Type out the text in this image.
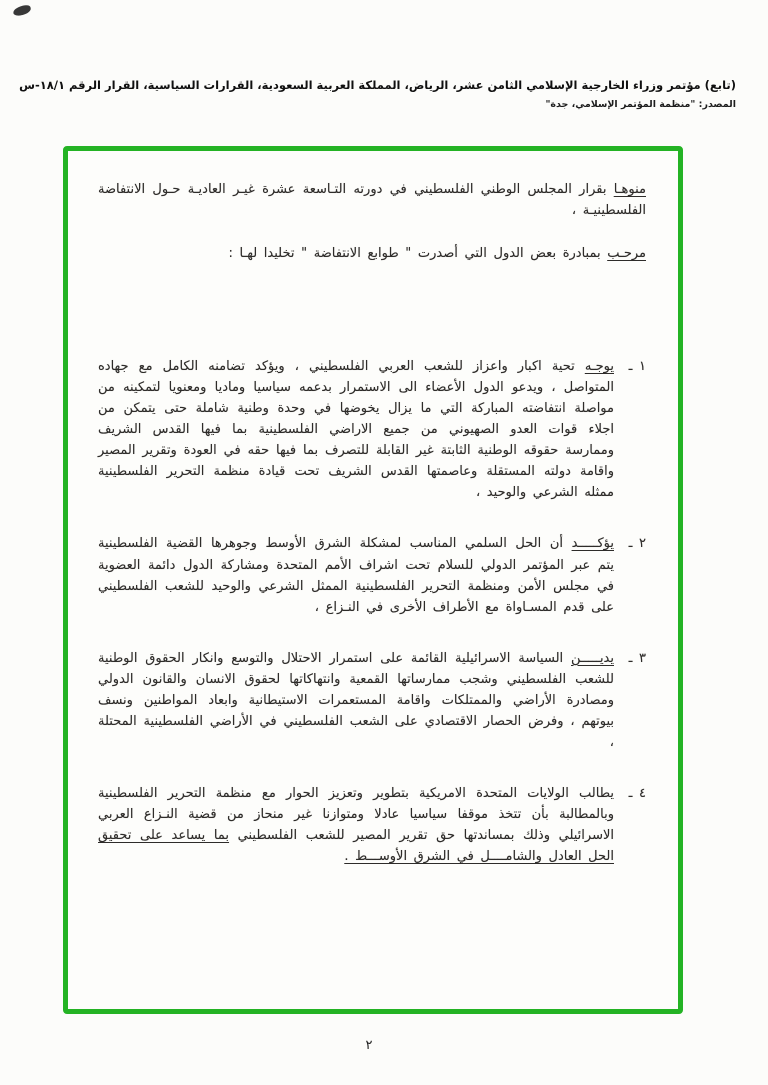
(تابع) مؤتمر وزراء الخارجية الإسلامي الثامن عشر، الرياض، المملكة العربية السعودية، القرارات السياسية، القرار الرقم ١٨/١-س
المصدر: "منظمة المؤتمر الإسلامي، جدة"

منوهـا بقرار المجلس الوطني الفلسطيني في دورته التـاسعة عشرة غيـر العاديـة حـول الانتفاضة الفلسطينيـة ،

مرحـب بمبادرة بعض الدول التي أصدرت " طوابع الانتفاضة " تخليدا لهـا :

١ ـ
يوجـه تحية اكبار واعزاز للشعب العربي الفلسطيني ، ويؤكد تضامنه الكامل مع جهاده المتواصل ، ويدعو الدول الأعضاء الى الاستمرار بدعمه سياسيا وماديا ومعنويا لتمكينه من مواصلة انتفاضته المباركة التي ما يزال يخوضها في وحدة وطنية شاملة حتى يتمكن من اجلاء قوات العدو الصهيوني من جميع الاراضي الفلسطينية بما فيها القدس الشريف وممارسة حقوقه الوطنية الثابتة غير القابلة للتصرف بما فيها حقه في العودة وتقرير المصير واقامة دولته المستقلة وعاصمتها القدس الشريف تحت قيادة منظمة التحرير الفلسطينية ممثله الشرعي والوحيد ،
٢ ـ
يؤكـــــد أن الحل السلمي المناسب لمشكلة الشرق الأوسط وجوهرها القضية الفلسطينية يتم عبر المؤتمر الدولي للسلام تحت اشراف الأمم المتحدة ومشاركة الدول دائمة العضوية في مجلس الأمن ومنظمة التحرير الفلسطينية الممثل الشرعي والوحيد للشعب الفلسطيني على قدم المسـاواة مع الأطراف الأخرى في النـزاع ،
٣ ـ
يديـــــن السياسة الاسرائيلية القائمة على استمرار الاحتلال والتوسع وانكار الحقوق الوطنية للشعب الفلسطيني وشجب ممارساتها القمعية وانتهاكاتها لحقوق الانسان والقانون الدولي ومصادرة الأراضي والممتلكات واقامة المستعمرات الاستيطانية وابعاد المواطنين ونسف بيوتهم ، وفرض الحصار الاقتصادي على الشعب الفلسطيني في الأراضي الفلسطينية المحتلة ،
٤ ـ
يطالب الولايات المتحدة الامريكية بتطوير وتعزيز الحوار مع منظمة التحرير الفلسطينية وبالمطالبة بأن تتخذ موقفا سياسيا عادلا ومتوازنا غير منحاز من قضية النـزاع العربي الاسرائيلي وذلك بمساندتها حق تقرير المصير للشعب الفلسطيني بما يساعد على تحقيق الحل العادل والشامــــل في الشرق الأوســـط .
٢
